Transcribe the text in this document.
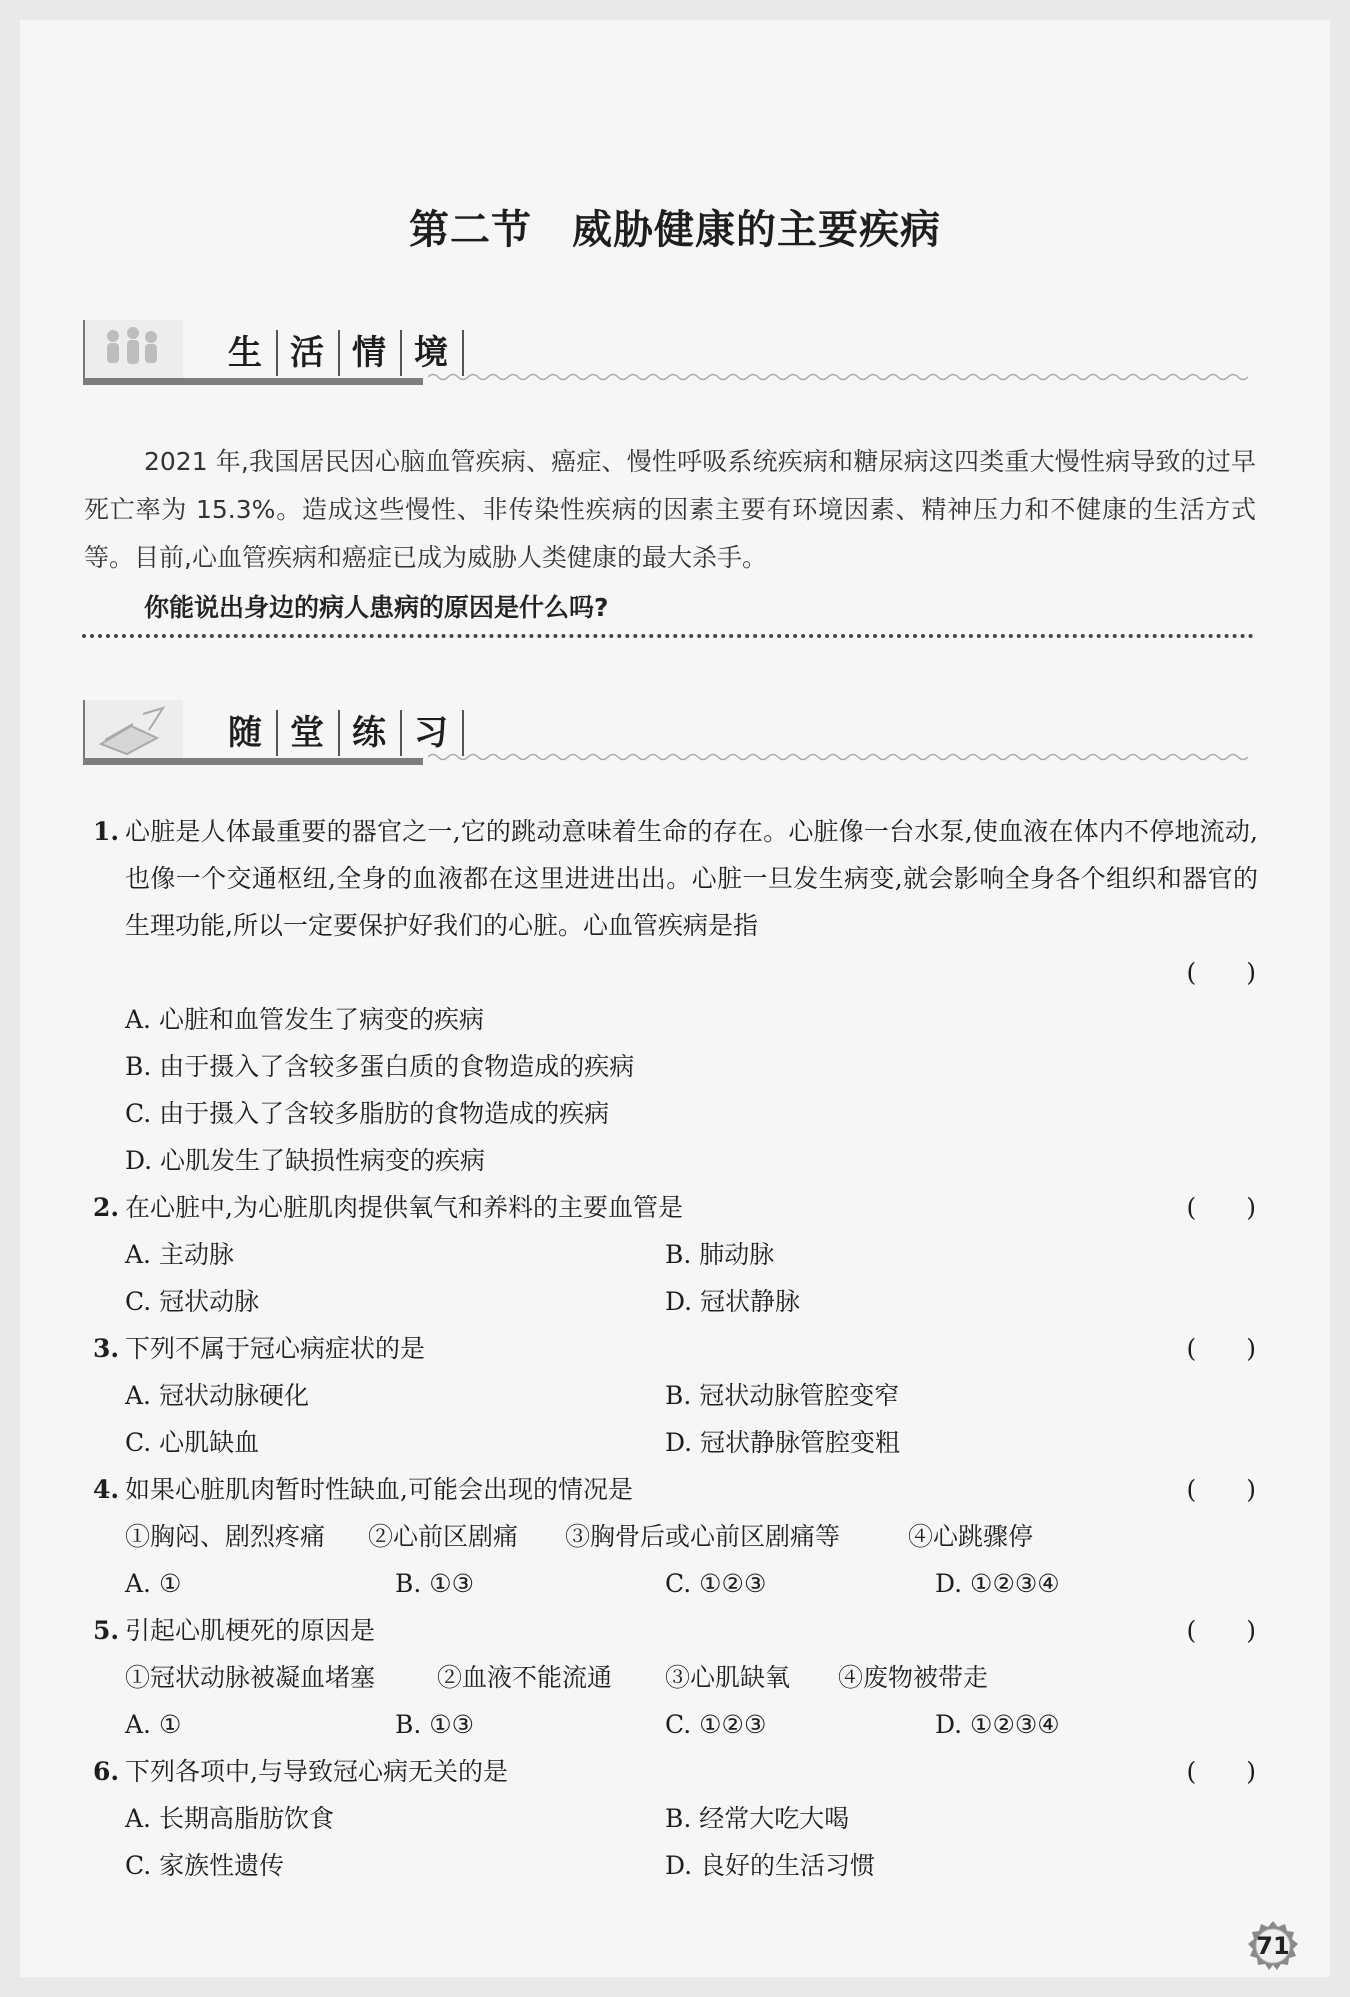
第二节 威胁健康的主要疾病
生 活 情 境

2021 年,我国居民因心脑血管疾病、癌症、慢性呼吸系统疾病和糖尿病这四类重大慢性病导致的过早死亡率为 15.3%。造成这些慢性、非传染性疾病的因素主要有环境因素、精神压力和不健康的生活方式等。目前,心血管疾病和癌症已成为威胁人类健康的最大杀手。

你能说出身边的病人患病的原因是什么吗?

随 堂 练 习
1. 心脏是人体最重要的器官之一,它的跳动意味着生命的存在。心脏像一台水泵,使血液在体内不停地流动,也像一个交通枢纽,全身的血液都在这里进进出出。心脏一旦发生病变,就会影响全身各个组织和器官的生理功能,所以一定要保护好我们的心脏。心血管疾病是指
(　　)
A. 心脏和血管发生了病变的疾病
B. 由于摄入了含较多蛋白质的食物造成的疾病
C. 由于摄入了含较多脂肪的食物造成的疾病
D. 心肌发生了缺损性病变的疾病
2. 在心脏中,为心脏肌肉提供氧气和养料的主要血管是	(　　)
A. 主动脉	B. 肺动脉
C. 冠状动脉	D. 冠状静脉
3. 下列不属于冠心病症状的是	(　　)
A. 冠状动脉硬化	B. 冠状动脉管腔变窄
C. 心肌缺血	D. 冠状静脉管腔变粗
4. 如果心脏肌肉暂时性缺血,可能会出现的情况是	(　　)
①胸闷、剧烈疼痛 ②心前区剧痛 ③胸骨后或心前区剧痛等	④心跳骤停
A. ①	B. ①③	C. ①②③	D. ①②③④
5. 引起心肌梗死的原因是	(　　)
①冠状动脉被凝血堵塞 ②血液不能流通 ③心肌缺氧 ④废物被带走
A. ①	B. ①③	C. ①②③	D. ①②③④
6. 下列各项中,与导致冠心病无关的是	(　　)
A. 长期高脂肪饮食	B. 经常大吃大喝
C. 家族性遗传	D. 良好的生活习惯
71
